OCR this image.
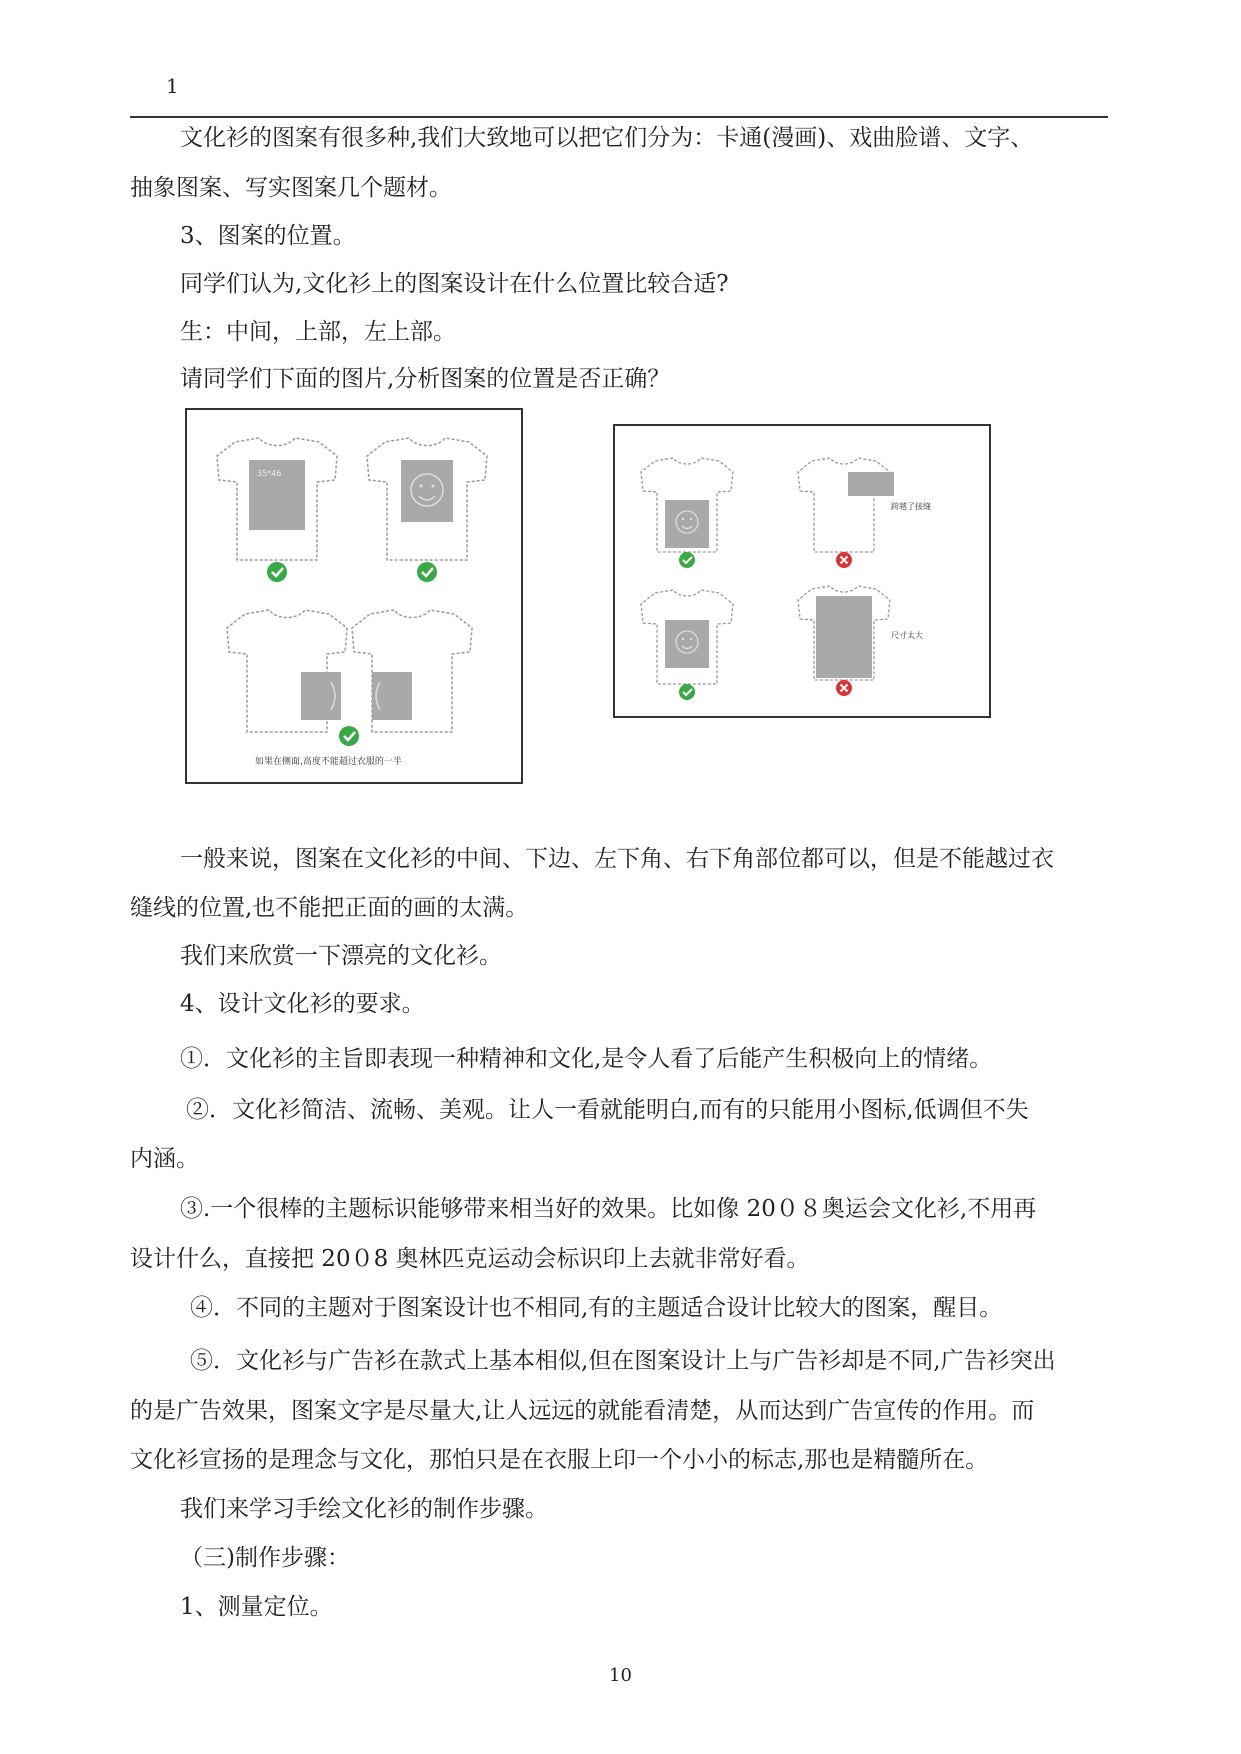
1
文化衫的图案有很多种,我们大致地可以把它们分为：卡通(漫画)、戏曲脸谱、文字、
抽象图案、写实图案几个题材。
3、图案的位置。
同学们认为,文化衫上的图案设计在什么位置比较合适?
生：中间，上部，左上部。
请同学们下面的图片,分析图案的位置是否正确？
35*46
如果在侧面,高度不能超过衣服的一半
跨越了接缝
尺寸太大
一般来说，图案在文化衫的中间、下边、左下角、右下角部位都可以，但是不能越过衣
缝线的位置,也不能把正面的画的太满。
我们来欣赏一下漂亮的文化衫。
4、设计文化衫的要求。
①．文化衫的主旨即表现一种精神和文化,是令人看了后能产生积极向上的情绪。
②．文化衫简洁、流畅、美观。让人一看就能明白,而有的只能用小图标,低调但不失
内涵。
③.一个很棒的主题标识能够带来相当好的效果。比如像 20０８奥运会文化衫,不用再
设计什么，直接把 20０8 奥林匹克运动会标识印上去就非常好看。
④．不同的主题对于图案设计也不相同,有的主题适合设计比较大的图案，醒目。
⑤．文化衫与广告衫在款式上基本相似,但在图案设计上与广告衫却是不同,广告衫突出
的是广告效果，图案文字是尽量大,让人远远的就能看清楚，从而达到广告宣传的作用。而
文化衫宣扬的是理念与文化，那怕只是在衣服上印一个小小的标志,那也是精髓所在。
我们来学习手绘文化衫的制作步骤。
（三)制作步骤：
1、测量定位。
10
